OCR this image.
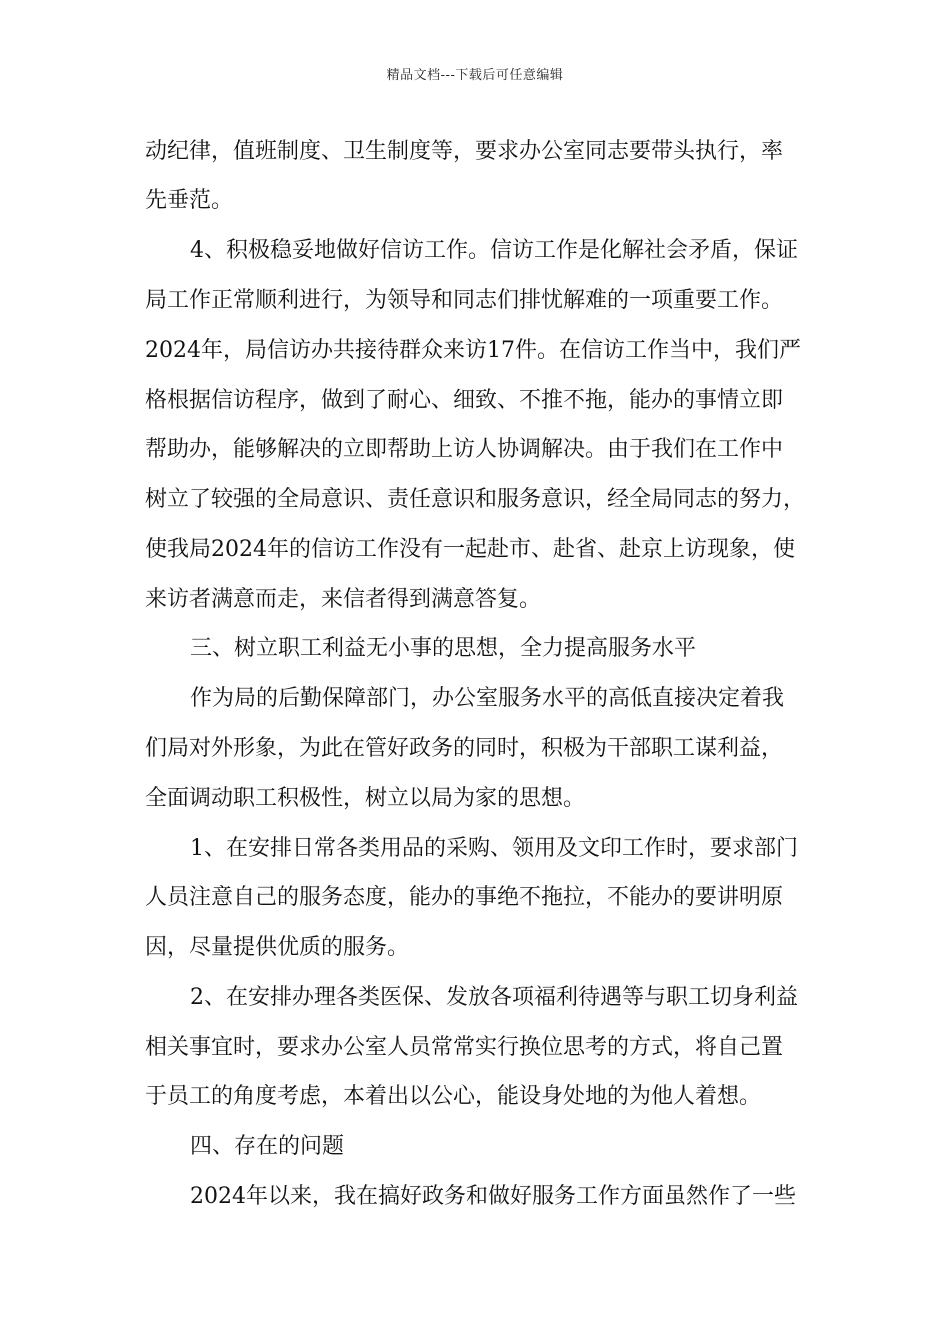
精品文档---下载后可任意编辑
动纪律，值班制度、卫生制度等，要求办公室同志要带头执行，率
先垂范。
4、积极稳妥地做好信访工作。信访工作是化解社会矛盾，保证
局工作正常顺利进行，为领导和同志们排忧解难的一项重要工作。
2024年，局信访办共接待群众来访17件。在信访工作当中，我们严
格根据信访程序，做到了耐心、细致、不推不拖，能办的事情立即
帮助办，能够解决的立即帮助上访人协调解决。由于我们在工作中
树立了较强的全局意识、责任意识和服务意识，经全局同志的努力，
使我局2024年的信访工作没有一起赴市、赴省、赴京上访现象，使
来访者满意而走，来信者得到满意答复。
三、树立职工利益无小事的思想，全力提高服务水平
作为局的后勤保障部门，办公室服务水平的高低直接决定着我
们局对外形象，为此在管好政务的同时，积极为干部职工谋利益，
全面调动职工积极性，树立以局为家的思想。
1、在安排日常各类用品的采购、领用及文印工作时，要求部门
人员注意自己的服务态度，能办的事绝不拖拉，不能办的要讲明原
因，尽量提供优质的服务。
2、在安排办理各类医保、发放各项福利待遇等与职工切身利益
相关事宜时，要求办公室人员常常实行换位思考的方式，将自己置
于员工的角度考虑，本着出以公心，能设身处地的为他人着想。
四、存在的问题
2024年以来，我在搞好政务和做好服务工作方面虽然作了一些
